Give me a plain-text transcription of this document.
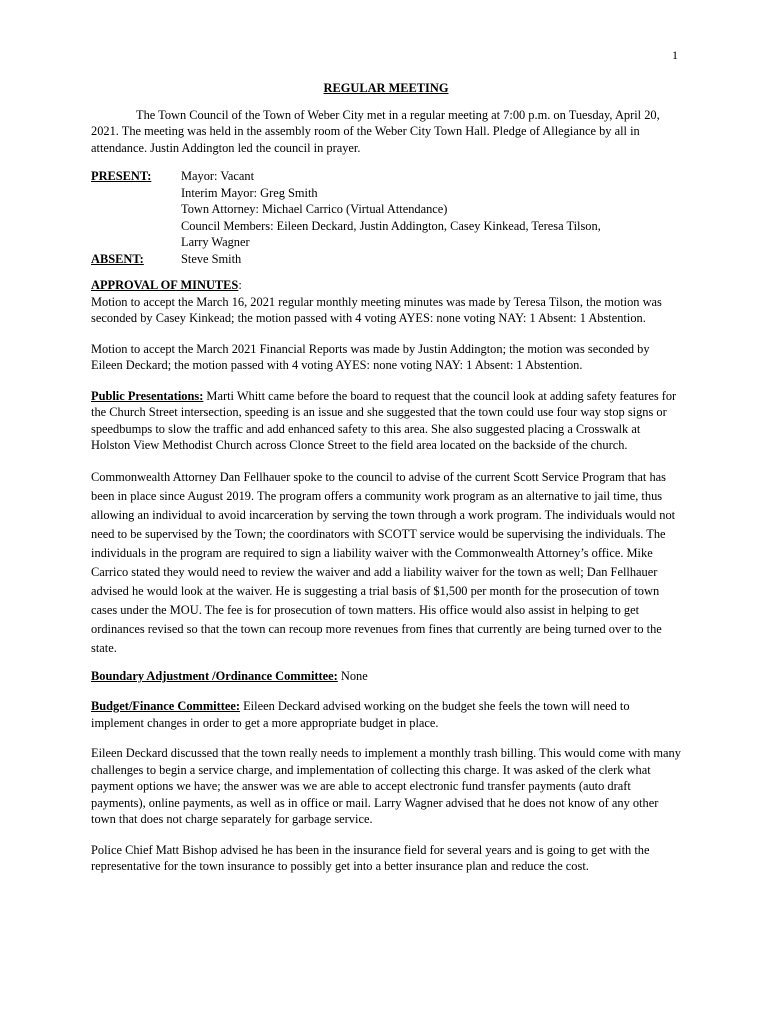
1

REGULAR MEETING

The Town Council of the Town of Weber City met in a regular meeting at 7:00 p.m. on Tuesday, April 20, 2021. The meeting was held in the assembly room of the Weber City Town Hall. Pledge of Allegiance by all in attendance. Justin Addington led the council in prayer.

PRESENT:	Mayor: Vacant
Interim Mayor: Greg Smith
Town Attorney: Michael Carrico (Virtual Attendance)
Council Members: Eileen Deckard, Justin Addington, Casey Kinkead, Teresa Tilson,
Larry Wagner
ABSENT:	Steve Smith

APPROVAL OF MINUTES:

Motion to accept the March 16, 2021 regular monthly meeting minutes was made by Teresa Tilson, the motion was seconded by Casey Kinkead; the motion passed with 4 voting AYES: none voting NAY: 1 Absent: 1 Abstention.

Motion to accept the March 2021 Financial Reports was made by Justin Addington; the motion was seconded by Eileen Deckard; the motion passed with 4 voting AYES: none voting NAY: 1 Absent: 1 Abstention.

Public Presentations: Marti Whitt came before the board to request that the council look at adding safety features for the Church Street intersection, speeding is an issue and she suggested that the town could use four way stop signs or speedbumps to slow the traffic and add enhanced safety to this area. She also suggested placing a Crosswalk at Holston View Methodist Church across Clonce Street to the field area located on the backside of the church.

Commonwealth Attorney Dan Fellhauer spoke to the council to advise of the current Scott Service Program that has been in place since August 2019. The program offers a community work program as an alternative to jail time, thus allowing an individual to avoid incarceration by serving the town through a work program. The individuals would not need to be supervised by the Town; the coordinators with SCOTT service would be supervising the individuals. The individuals in the program are required to sign a liability waiver with the Commonwealth Attorney’s office. Mike Carrico stated they would need to review the waiver and add a liability waiver for the town as well; Dan Fellhauer advised he would look at the waiver. He is suggesting a trial basis of $1,500 per month for the prosecution of town cases under the MOU. The fee is for prosecution of town matters. His office would also assist in helping to get ordinances revised so that the town can recoup more revenues from fines that currently are being turned over to the state.

Boundary Adjustment /Ordinance Committee: None

Budget/Finance Committee: Eileen Deckard advised working on the budget she feels the town will need to implement changes in order to get a more appropriate budget in place.

Eileen Deckard discussed that the town really needs to implement a monthly trash billing. This would come with many challenges to begin a service charge, and implementation of collecting this charge. It was asked of the clerk what payment options we have; the answer was we are able to accept electronic fund transfer payments (auto draft payments), online payments, as well as in office or mail. Larry Wagner advised that he does not know of any other town that does not charge separately for garbage service.

Police Chief Matt Bishop advised he has been in the insurance field for several years and is going to get with the representative for the town insurance to possibly get into a better insurance plan and reduce the cost.
